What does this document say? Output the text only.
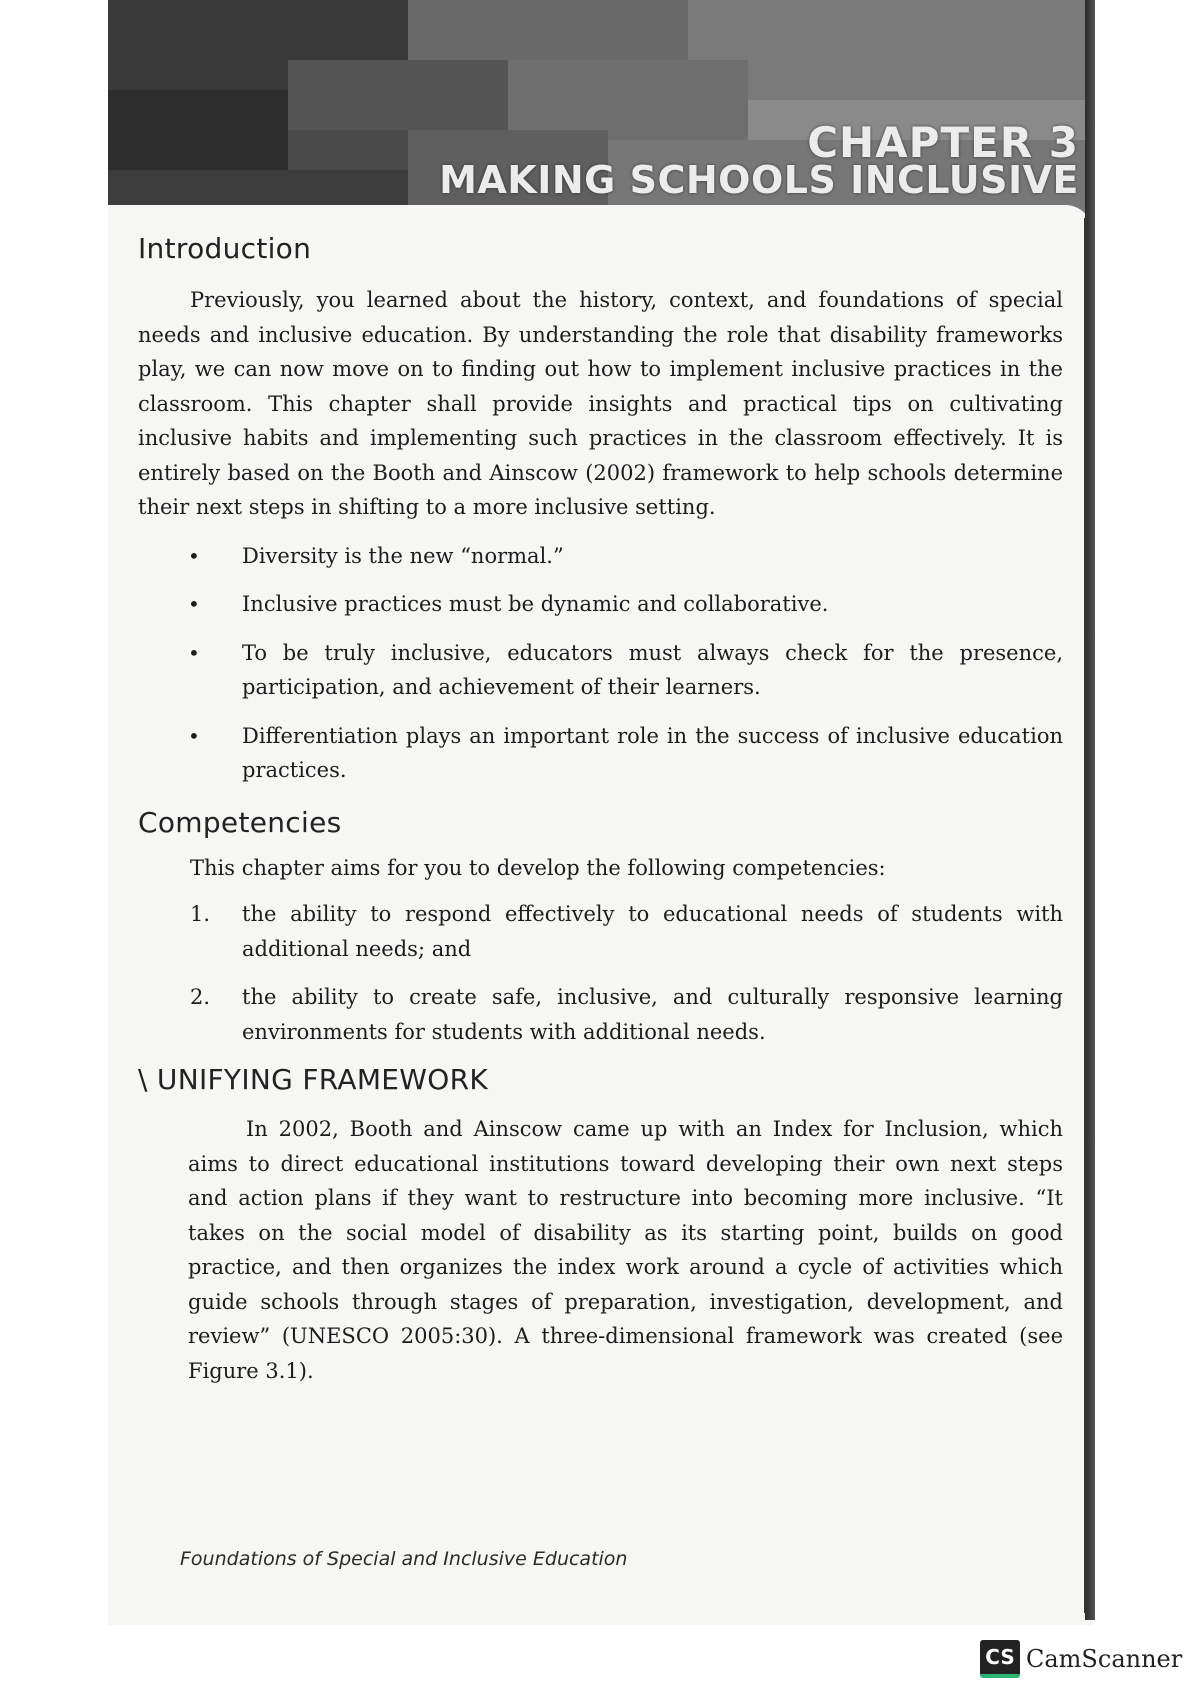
CHAPTER 3
MAKING SCHOOLS INCLUSIVE
Introduction

Previously, you learned about the history, context, and foundations of special needs and inclusive education. By understanding the role that disability frameworks play, we can now move on to finding out how to implement inclusive practices in the classroom. This chapter shall provide insights and practical tips on cultivating inclusive habits and implementing such practices in the classroom effectively. It is entirely based on the Booth and Ainscow (2002) framework to help schools determine their next steps in shifting to a more inclusive setting.

• Diversity is the new “normal.”
• Inclusive practices must be dynamic and collaborative.
• To be truly inclusive, educators must always check for the presence, participation, and achievement of their learners.
• Differentiation plays an important role in the success of inclusive education practices.
Competencies

This chapter aims for you to develop the following competencies:

1. the ability to respond effectively to educational needs of students with additional needs; and
2. the ability to create safe, inclusive, and culturally responsive learning environments for students with additional needs.
\ UNIFYING FRAMEWORK

In 2002, Booth and Ainscow came up with an Index for Inclusion, which aims to direct educational institutions toward developing their own next steps and action plans if they want to restructure into becoming more inclusive. “It takes on the social model of disability as its starting point, builds on good practice, and then organizes the index work around a cycle of activities which guide schools through stages of preparation, investigation, development, and review” (UNESCO 2005:30). A three-dimensional framework was created (see Figure 3.1).

Foundations of Special and Inclusive Education
CS CamScanner
